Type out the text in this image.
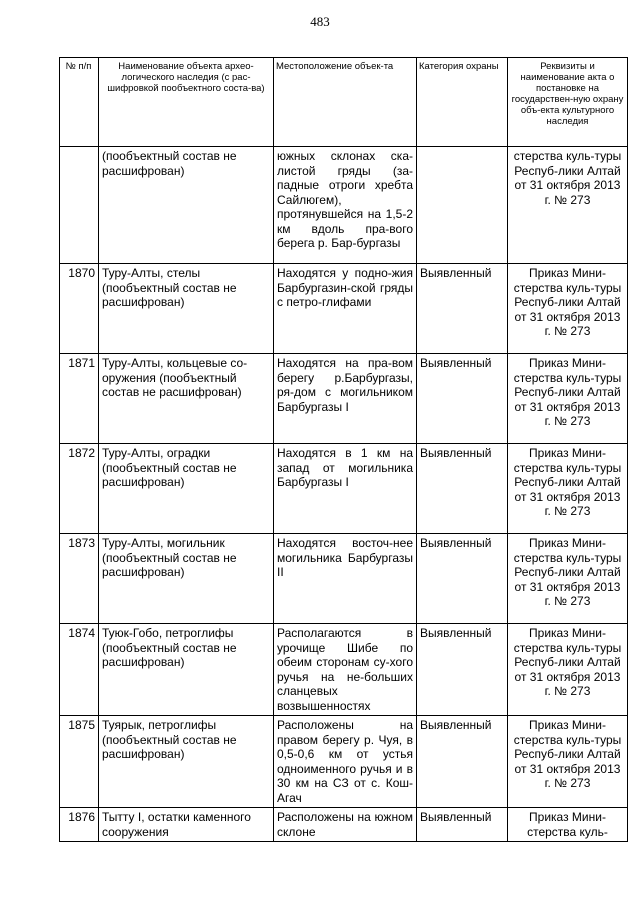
483
№ п/п	Наименование объекта архео-логического наследия (с рас-шифровкой пообъектного соста-ва)	Местоположение объек-та	Категория охраны	Реквизиты и наименование акта о постановке на государствен-ную охрану объ-екта культурного наследия
	(пообъектный состав не расшифрован)	южных склонах ска-листой гряды (за-падные отроги хребта Сайлюгем), протянувшейся на 1,5-2 км вдоль пра-вого берега р. Бар-бургазы		стерства куль-туры Респуб-лики Алтай от 31 октября 2013 г. № 273
1870	Туру-Алты, стелы (пообъектный состав не расшифрован)	Находятся у подно-жия Барбургазин-ской гряды с петро-глифами	Выявленный	Приказ Мини-стерства куль-туры Респуб-лики Алтай от 31 октября 2013 г. № 273
1871	Туру-Алты, кольцевые со-оружения (пообъектный состав не расшифрован)	Находятся на пра-вом берегу р.Барбургазы, ря-дом с могильником Барбургазы I	Выявленный	Приказ Мини-стерства куль-туры Респуб-лики Алтай от 31 октября 2013 г. № 273
1872	Туру-Алты, оградки (пообъектный состав не расшифрован)	Находятся в 1 км на запад от могильника Барбургазы I	Выявленный	Приказ Мини-стерства куль-туры Респуб-лики Алтай от 31 октября 2013 г. № 273
1873	Туру-Алты, могильник (пообъектный состав не расшифрован)	Находятся восточ-нее могильника Барбургазы II	Выявленный	Приказ Мини-стерства куль-туры Респуб-лики Алтай от 31 октября 2013 г. № 273
1874	Туюк-Гобо, петроглифы (пообъектный состав не расшифрован)	Располагаются в урочище Шибе по обеим сторонам су-хого ручья на не-больших сланцевых возвышенностях	Выявленный	Приказ Мини-стерства куль-туры Респуб-лики Алтай от 31 октября 2013 г. № 273
1875	Туярык, петроглифы (пообъектный состав не расшифрован)	Расположены на правом берегу р. Чуя, в 0,5-0,6 км от устья одноименного ручья и в 30 км на СЗ от с. Кош-Агач	Выявленный	Приказ Мини-стерства куль-туры Респуб-лики Алтай от 31 октября 2013 г. № 273
1876	Тытту I, остатки каменного сооружения	Расположены на южном склоне	Выявленный	Приказ Мини-стерства куль-
